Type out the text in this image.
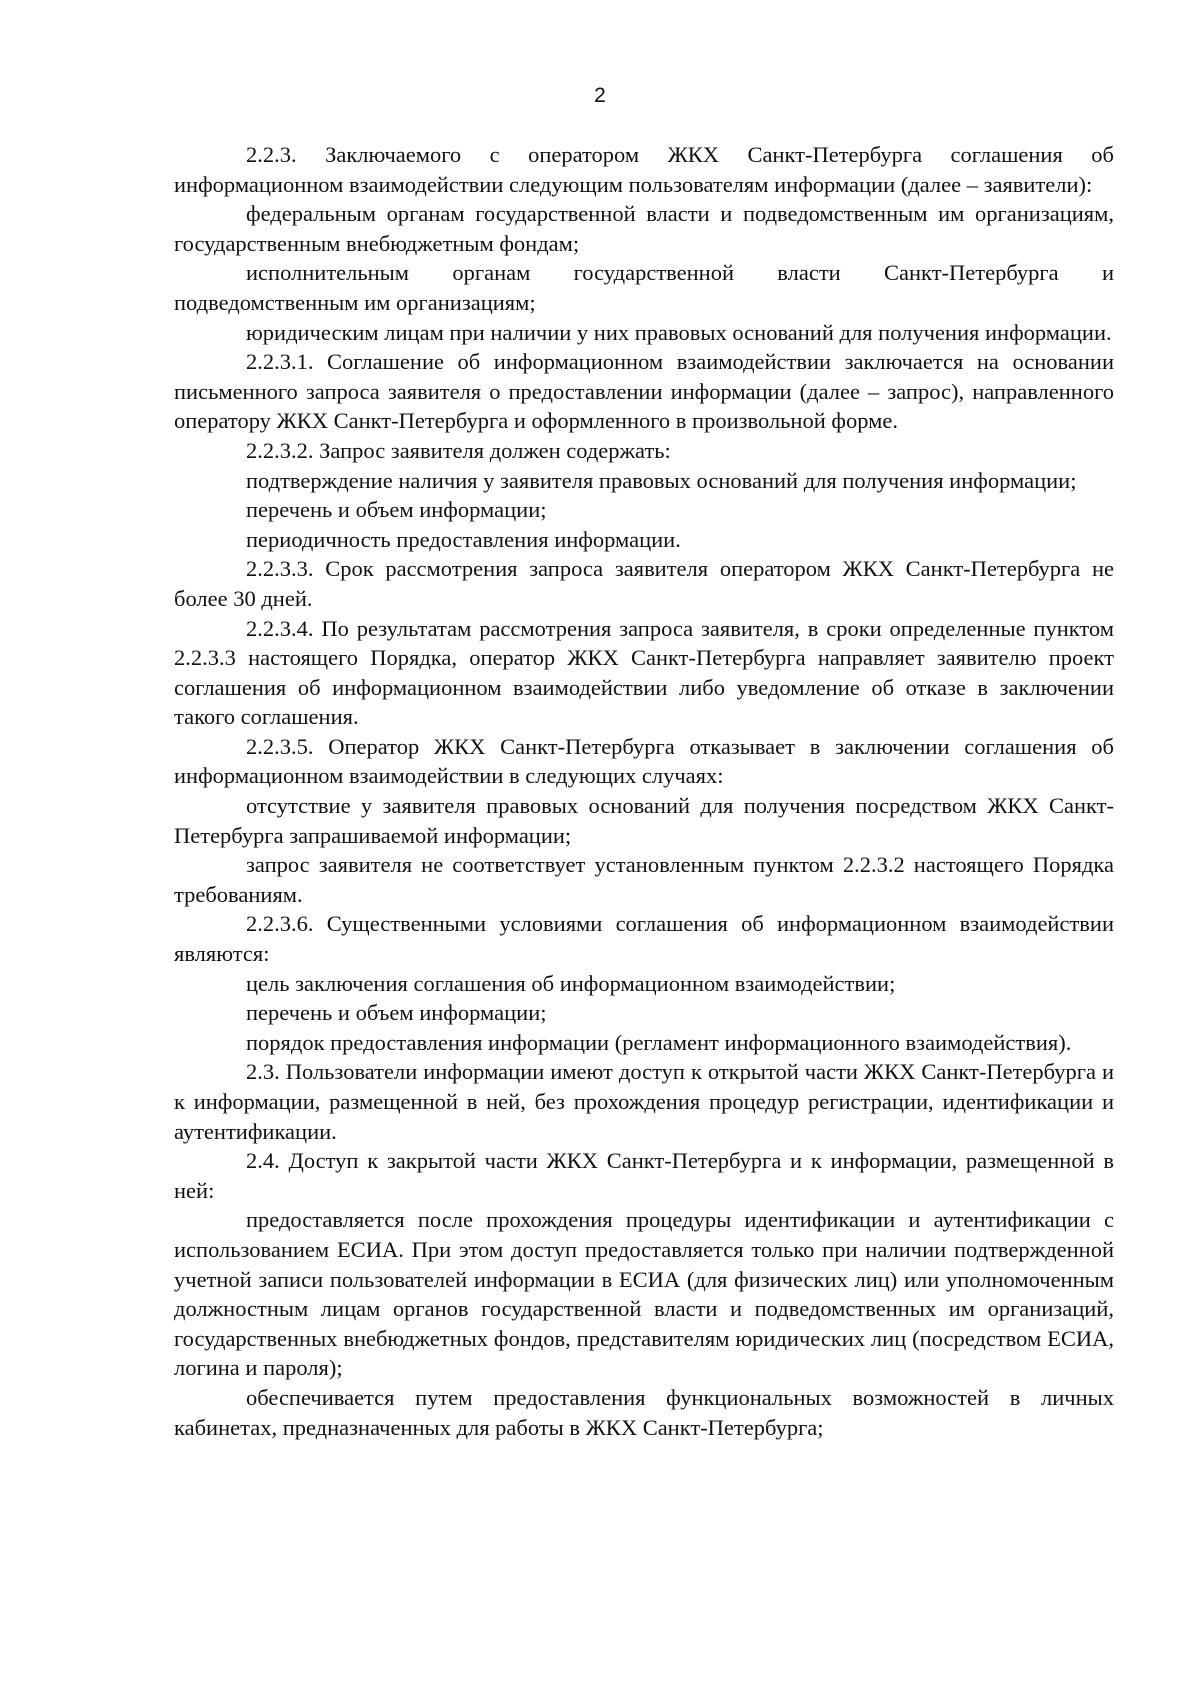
2

2.2.3. Заключаемого с оператором ЖКХ Санкт-Петербурга соглашения об информационном взаимодействии следующим пользователям информации (далее – заявители):

федеральным органам государственной власти и подведомственным им организациям, государственным внебюджетным фондам;

исполнительным органам государственной власти Санкт-Петербурга и подведомственным им организациям;

юридическим лицам при наличии у них правовых оснований для получения информации.

2.2.3.1. Соглашение об информационном взаимодействии заключается на основании письменного запроса заявителя о предоставлении информации (далее – запрос), направленного оператору ЖКХ Санкт-Петербурга и оформленного в произвольной форме.

2.2.3.2. Запрос заявителя должен содержать:

подтверждение наличия у заявителя правовых оснований для получения информации;

перечень и объем информации;

периодичность предоставления информации.

2.2.3.3. Срок рассмотрения запроса заявителя оператором ЖКХ Санкт-Петербурга не более 30 дней.

2.2.3.4. По результатам рассмотрения запроса заявителя, в сроки определенные пунктом 2.2.3.3 настоящего Порядка, оператор ЖКХ Санкт-Петербурга направляет заявителю проект соглашения об информационном взаимодействии либо уведомление об отказе в заключении такого соглашения.

2.2.3.5. Оператор ЖКХ Санкт-Петербурга отказывает в заключении соглашения об информационном взаимодействии в следующих случаях:

отсутствие у заявителя правовых оснований для получения посредством ЖКХ Санкт-Петербурга запрашиваемой информации;

запрос заявителя не соответствует установленным пунктом 2.2.3.2 настоящего Порядка требованиям.

2.2.3.6. Существенными условиями соглашения об информационном взаимодействии являются:

цель заключения соглашения об информационном взаимодействии;

перечень и объем информации;

порядок предоставления информации (регламент информационного взаимодействия).

2.3. Пользователи информации имеют доступ к открытой части ЖКХ Санкт-Петербурга и к информации, размещенной в ней, без прохождения процедур регистрации, идентификации и аутентификации.

2.4. Доступ к закрытой части ЖКХ Санкт-Петербурга и к информации, размещенной в ней:

предоставляется после прохождения процедуры идентификации и аутентификации с использованием ЕСИА. При этом доступ предоставляется только при наличии подтвержденной учетной записи пользователей информации в ЕСИА (для физических лиц) или уполномоченным должностным лицам органов государственной власти и подведомственных им организаций, государственных внебюджетных фондов, представителям юридических лиц (посредством ЕСИА, логина и пароля);

обеспечивается путем предоставления функциональных возможностей в личных кабинетах, предназначенных для работы в ЖКХ Санкт-Петербурга;
